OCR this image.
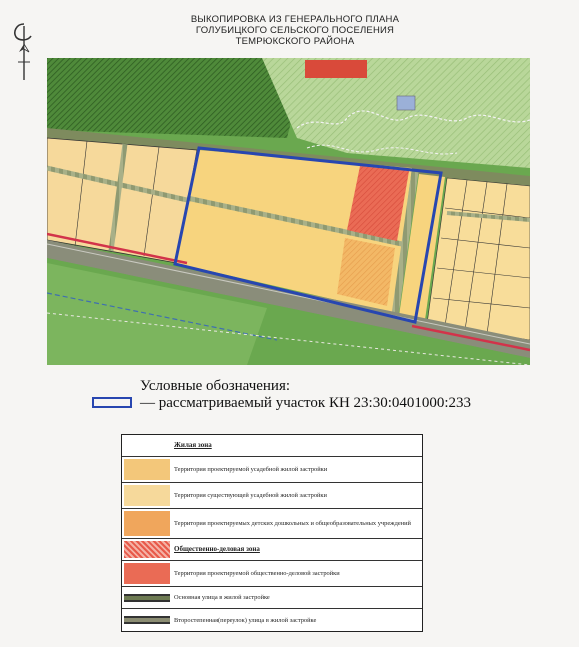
ВЫКОПИРОВКА ИЗ ГЕНЕРАЛЬНОГО ПЛАНА
ГОЛУБИЦКОГО СЕЛЬСКОГО ПОСЕЛЕНИЯ
ТЕМРЮКСКОГО РАЙОНА
Условные обозначения:
— рассматриваемый участок КН 23:30:0401000:233
Жилая зона
Территория проектируемой усадебной жилой застройки
Территория существующей усадебной жилой застройки
Территория проектируемых детских дошкольных и общеобразовательных учреждений
Общественно-деловая зона
Территория проектируемой общественно-деловой застройки
Основная улица в жилой застройке
Второстепенная(переулок) улица в жилой застройке
